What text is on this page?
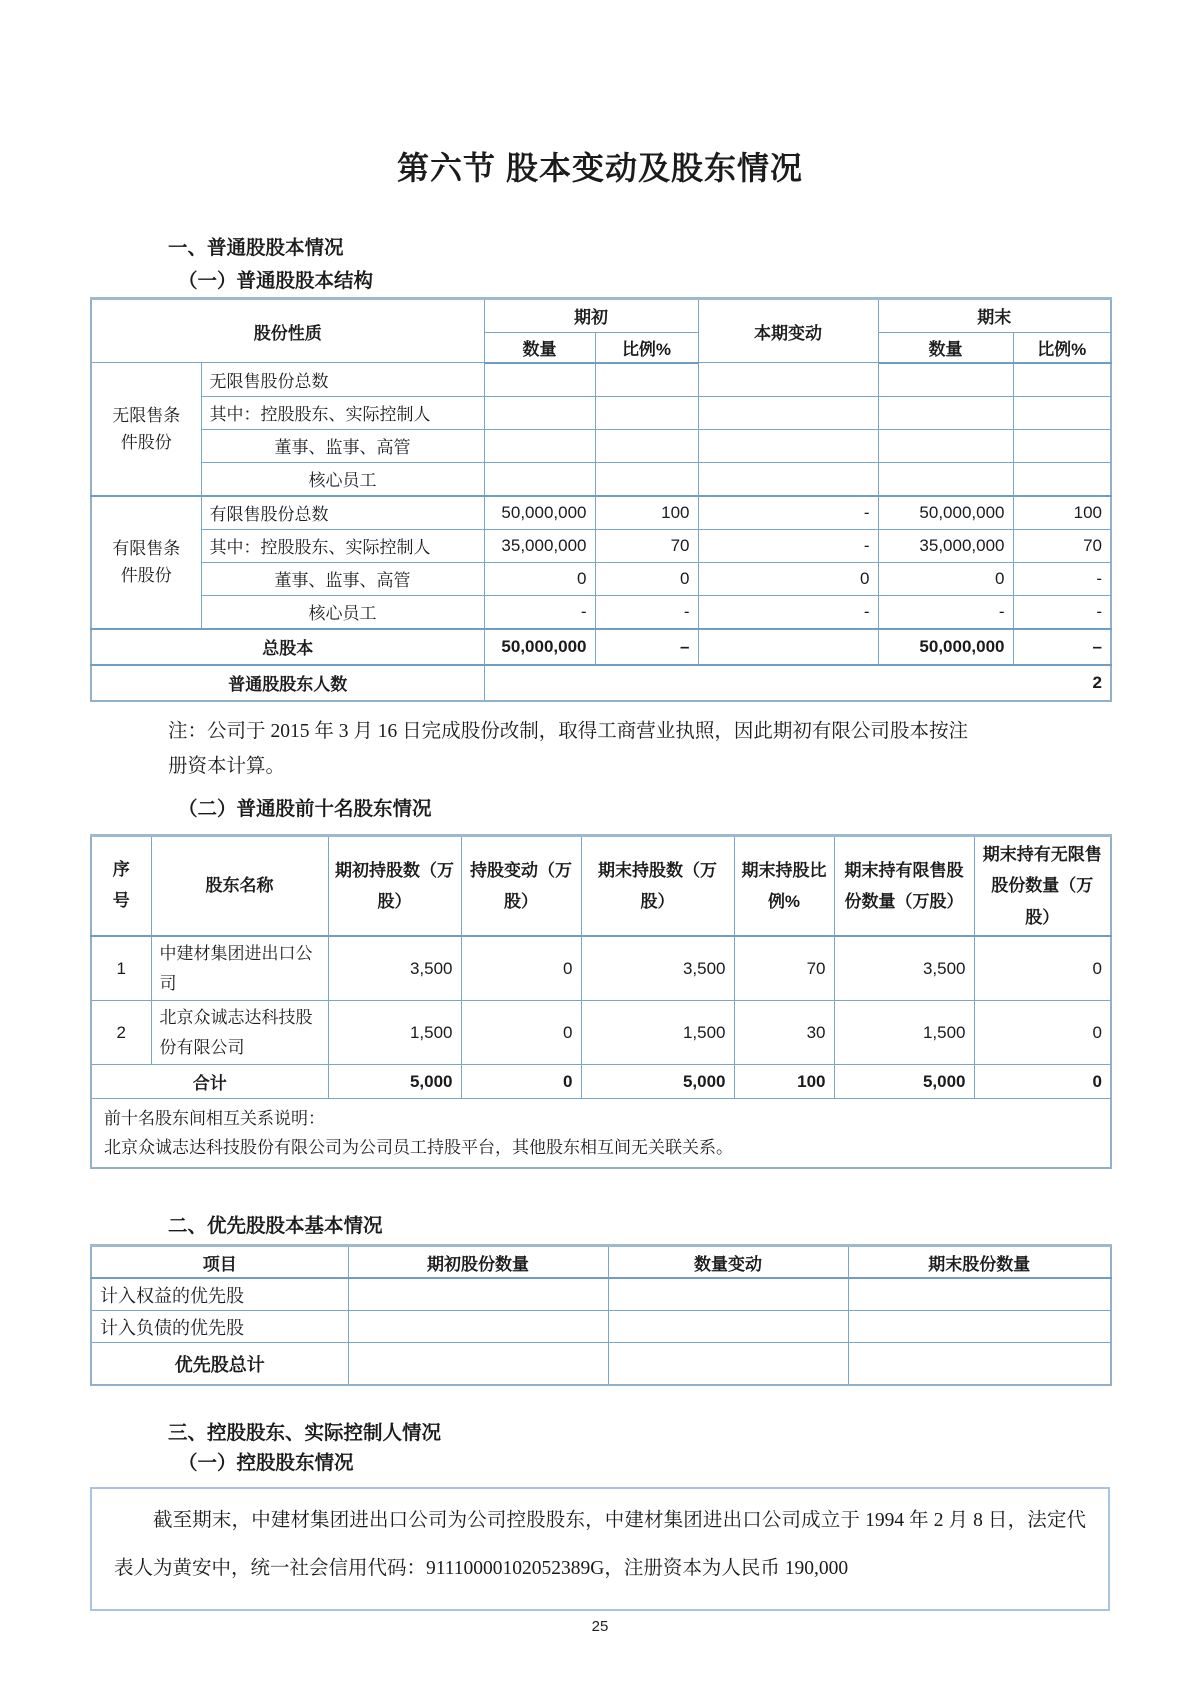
第六节 股本变动及股东情况
一、普通股股本情况
（一）普通股股本结构
股份性质		期初		本期变动	期末	
		数量	比例%		数量	比例%
无限售条件股份	无限售股份总数					
	其中：控股股东、实际控制人					
	董事、监事、高管					
	核心员工					
有限售条件股份	有限售股份总数	50,000,000	100	-	50,000,000	100
	其中：控股股东、实际控制人	35,000,000	70	-	35,000,000	70
	董事、监事、高管	0	0	0	0	-
	核心员工	-	-	-	-	-
总股本		50,000,000	–		50,000,000	–
普通股股东人数		2				
注：公司于 2015 年 3 月 16 日完成股份改制，取得工商营业执照，因此期初有限公司股本按注册资本计算。
（二）普通股前十名股东情况
序号	股东名称	期初持股数（万股）	持股变动（万股）	期末持股数（万股）	期末持股比例%	期末持有限售股份数量（万股）	期末持有无限售股份数量（万股）
1	中建材集团进出口公司	3,500	0	3,500	70	3,500	0
2	北京众诚志达科技股份有限公司	1,500	0	1,500	30	1,500	0
合计		5,000	0	5,000	100	5,000	0

前十名股东间相互关系说明：
北京众诚志达科技股份有限公司为公司员工持股平台，其他股东相互间无关联关系。							
二、优先股股本基本情况
项目	期初股份数量	数量变动	期末股份数量
计入权益的优先股			
计入负债的优先股			
优先股总计			
三、控股股东、实际控制人情况
（一）控股股东情况
截至期末，中建材集团进出口公司为公司控股股东，中建材集团进出口公司成立于 1994 年 2 月 8 日，法定代表人为黄安中，统一社会信用代码：91110000102052389G，注册资本为人民币 190,000
25
